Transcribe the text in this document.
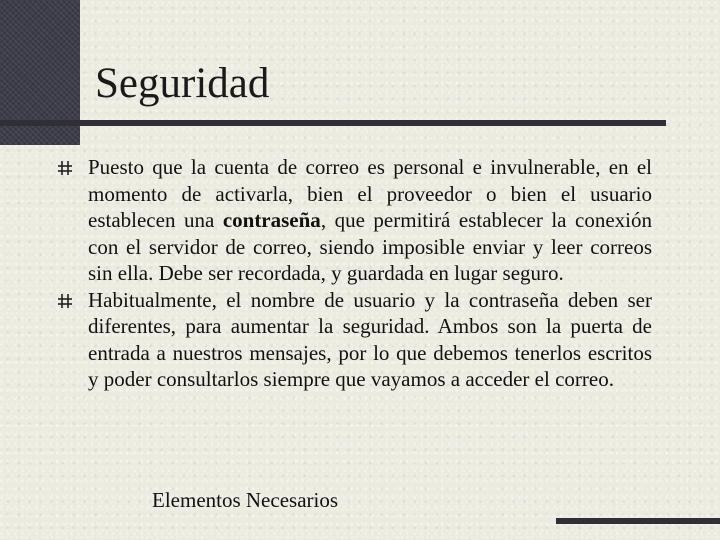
Seguridad
Puesto que la cuenta de correo es personal e invulnerable, en el momento de activarla, bien el proveedor o bien el usuario establecen una contraseña, que permitirá establecer la conexión con el servidor de correo, siendo imposible enviar y leer correos sin ella. Debe ser recordada, y guardada en lugar seguro.
Habitualmente, el nombre de usuario y la contraseña deben ser diferentes, para aumentar la seguridad. Ambos son la puerta de entrada a nuestros mensajes, por lo que debemos tenerlos escritos y poder consultarlos siempre que vayamos a acceder el correo.
Elementos Necesarios
